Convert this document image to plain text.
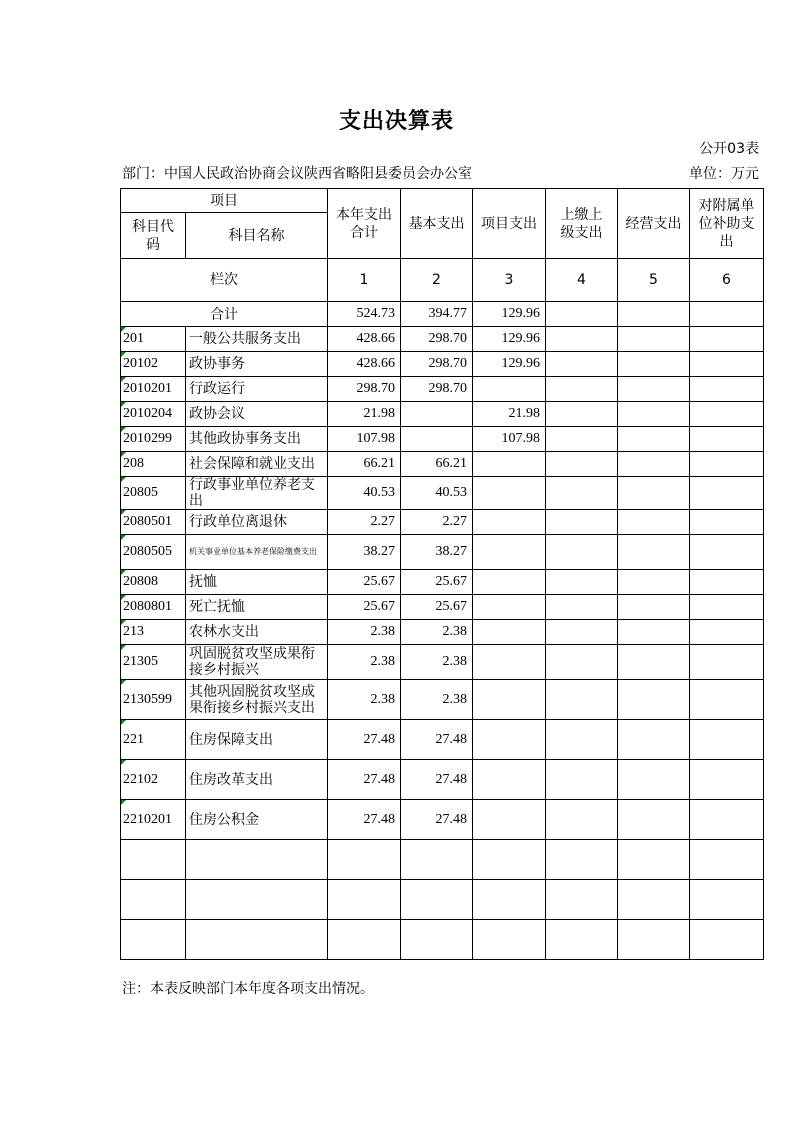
支出决算表
公开03表
部门：中国人民政治协商会议陕西省略阳县委员会办公室	单位：万元
项目		本年支出合计	基本支出	项目支出	上缴上级支出	经营支出	对附属单位补助支出
科目代码	科目名称						
栏次		1	2	3	4	5	6
合计		524.73	394.77	129.96			
201	一般公共服务支出	428.66	298.70	129.96			
20102	政协事务	428.66	298.70	129.96			
2010201	行政运行	298.70	298.70				
2010204	政协会议	21.98		21.98			
2010299	其他政协事务支出	107.98		107.98			
208	社会保障和就业支出	66.21	66.21				
20805	行政事业单位养老支出	40.53	40.53				
2080501	行政单位离退休	2.27	2.27				
2080505	机关事业单位基本养老保险缴费支出	38.27	38.27				
20808	抚恤	25.67	25.67				
2080801	死亡抚恤	25.67	25.67				
213	农林水支出	2.38	2.38				
21305	巩固脱贫攻坚成果衔接乡村振兴	2.38	2.38				
2130599	其他巩固脱贫攻坚成果衔接乡村振兴支出	2.38	2.38				
221	住房保障支出	27.48	27.48				
22102	住房改革支出	27.48	27.48				
2210201	住房公积金	27.48	27.48				

注：本表反映部门本年度各项支出情况。
